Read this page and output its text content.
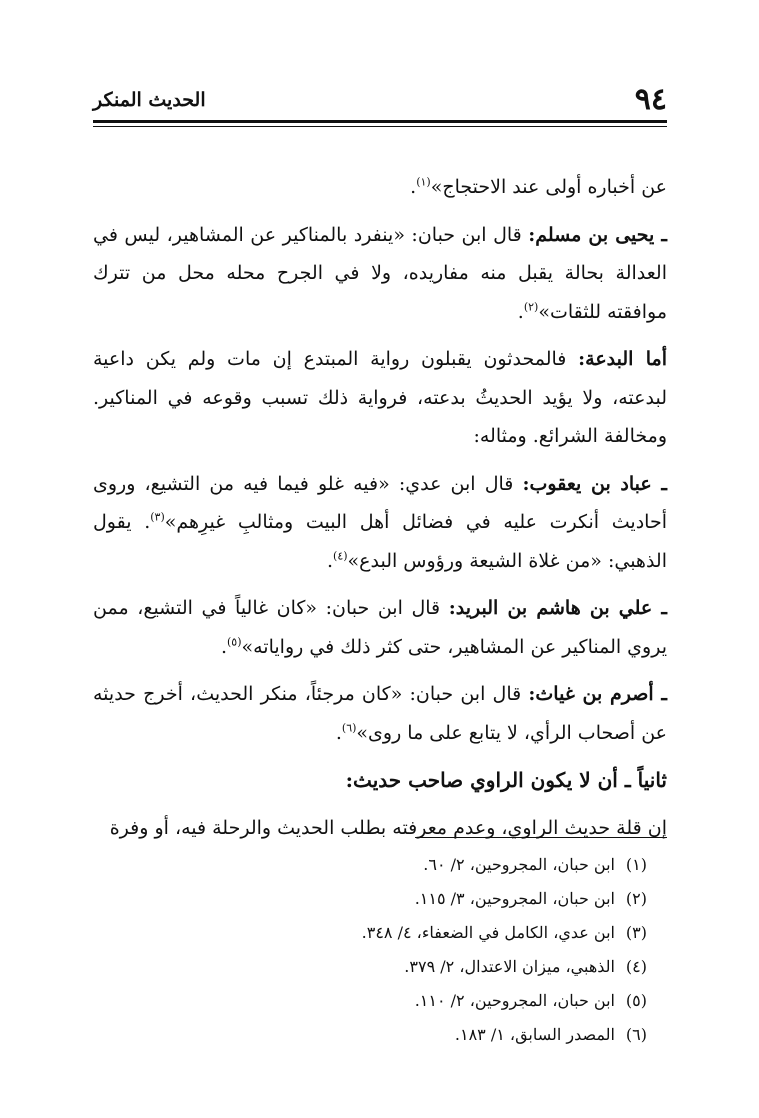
٩٤
الحديث المنكر

عن أخباره أولى عند الاحتجاج»$^{(١)}$.

ـ يحيى بن مسلم: قال ابن حبان: «ينفرد بالمناكير عن المشاهير، ليس في العدالة بحالة يقبل منه مفاريده، ولا في الجرح محله محل من تترك موافقته للثقات»$^{(٢)}$.

أما البدعة: فالمحدثون يقبلون رواية المبتدع إن مات ولم يكن داعية لبدعته، ولا يؤيد الحديثُ بدعته، فرواية ذلك تسبب وقوعه في المناكير. ومخالفة الشرائع. ومثاله:

ـ عباد بن يعقوب: قال ابن عدي: «فيه غلو فيما فيه من التشيع، وروى أحاديث أنكرت عليه في فضائل أهل البيت ومثالبِ غيرِهم»$^{(٣)}$. يقول الذهبي: «من غلاة الشيعة ورؤوس البدع»$^{(٤)}$.

ـ علي بن هاشم بن البريد: قال ابن حبان: «كان غالياً في التشيع، ممن يروي المناكير عن المشاهير، حتى كثر ذلك في رواياته»$^{(٥)}$.

ـ أصرم بن غياث: قال ابن حبان: «كان مرجئاً، منكر الحديث، أخرج حديثه عن أصحاب الرأي، لا يتابع على ما روى»$^{(٦)}$.

ثانياً ـ أن لا يكون الراوي صاحب حديث:

إن قلة حديث الراوي، وعدم معرفته بطلب الحديث والرحلة فيه، أو وفرة

(١)ابن حبان، المجروحين، ٢/ ٦٠.
(٢)ابن حبان، المجروحين، ٣/ ١١٥.
(٣)ابن عدي، الكامل في الضعفاء، ٤/ ٣٤٨.
(٤)الذهبي، ميزان الاعتدال، ٢/ ٣٧٩.
(٥)ابن حبان، المجروحين، ٢/ ١١٠.
(٦)المصدر السابق، ١/ ١٨٣.
